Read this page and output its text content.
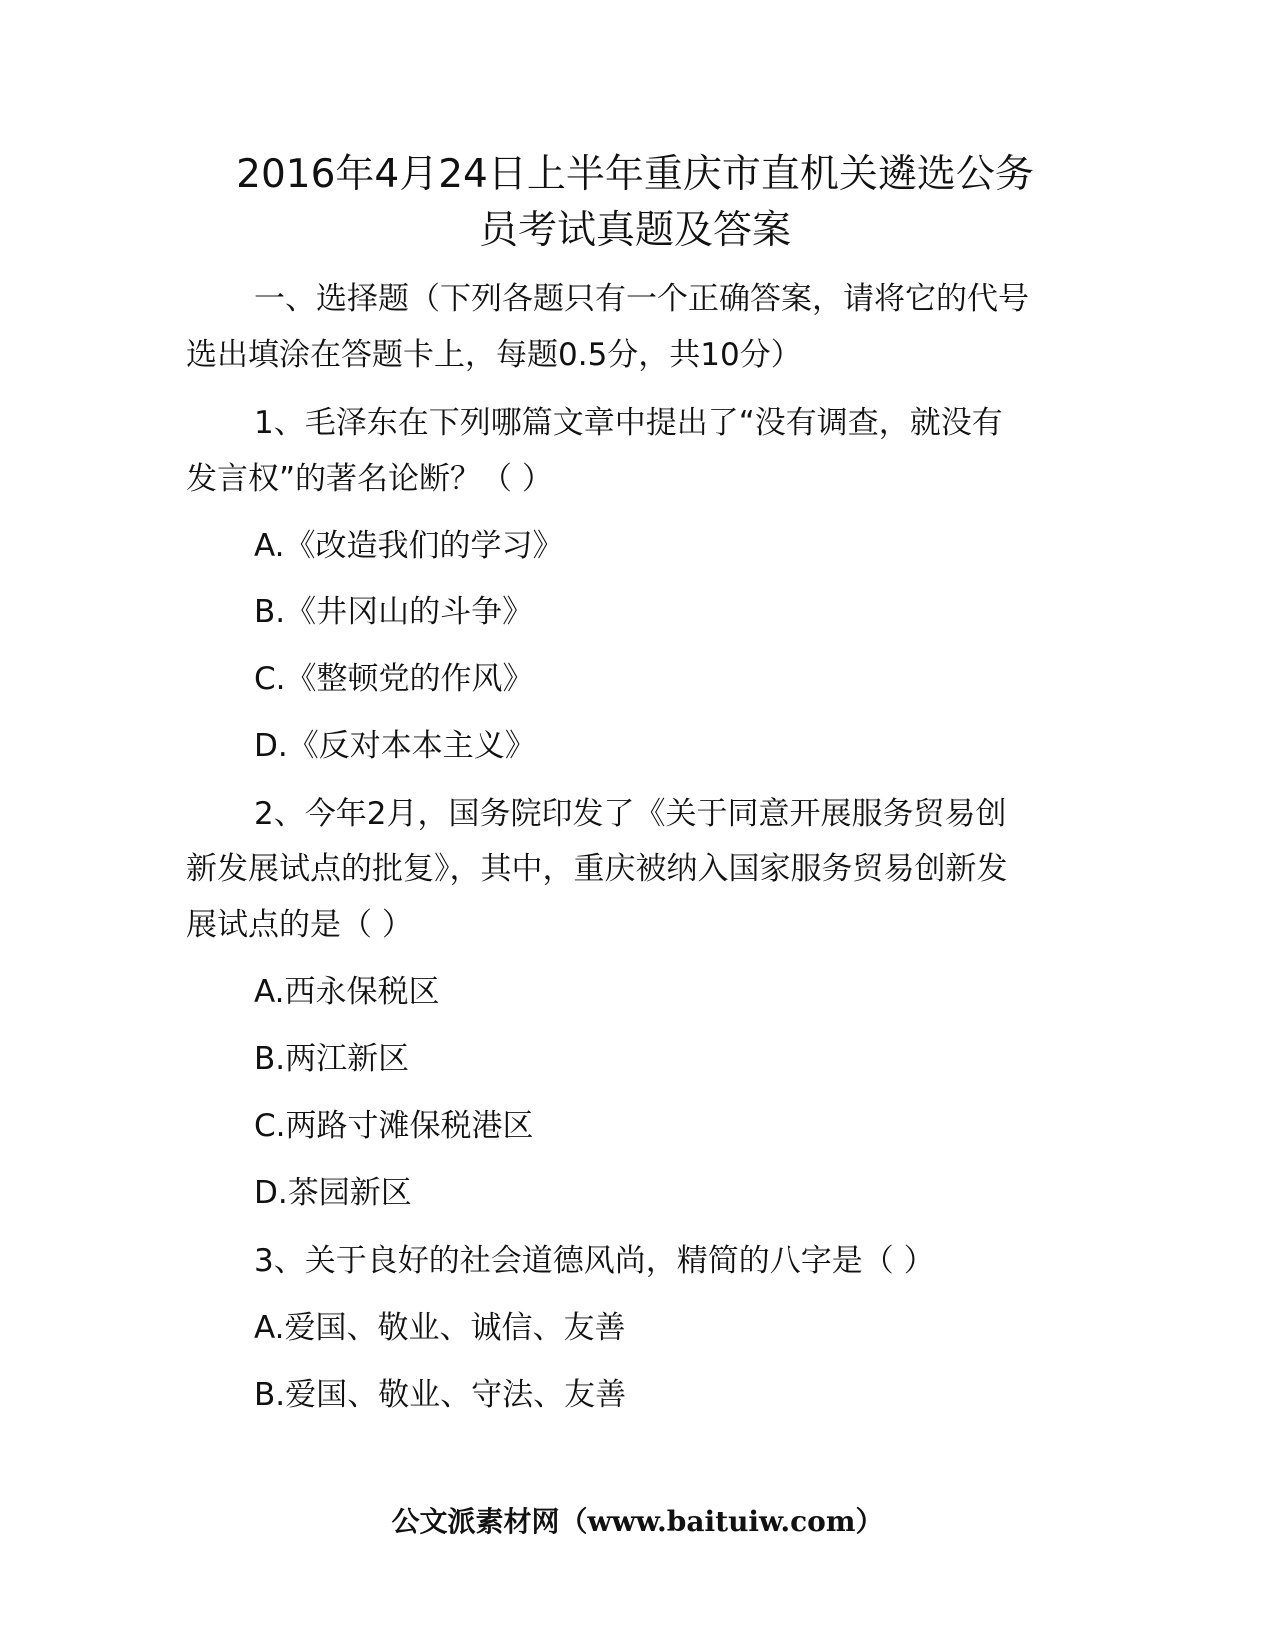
2016年4月24日上半年重庆市直机关遴选公务
员考试真题及答案

一、选择题（下列各题只有一个正确答案，请将它的代号

选出填涂在答题卡上，每题0.5分，共10分）

1、毛泽东在下列哪篇文章中提出了“没有调查，就没有

发言权”的著名论断？（ ）

A.《改造我们的学习》

B.《井冈山的斗争》

C.《整顿党的作风》

D.《反对本本主义》

2、今年2月，国务院印发了《关于同意开展服务贸易创

新发展试点的批复》，其中，重庆被纳入国家服务贸易创新发

展试点的是（ ）

A.西永保税区

B.两江新区

C.两路寸滩保税港区

D.茶园新区

3、关于良好的社会道德风尚，精简的八字是（ ）

A.爱国、敬业、诚信、友善

B.爱国、敬业、守法、友善

公文派素材网（www.baituiw.com）
